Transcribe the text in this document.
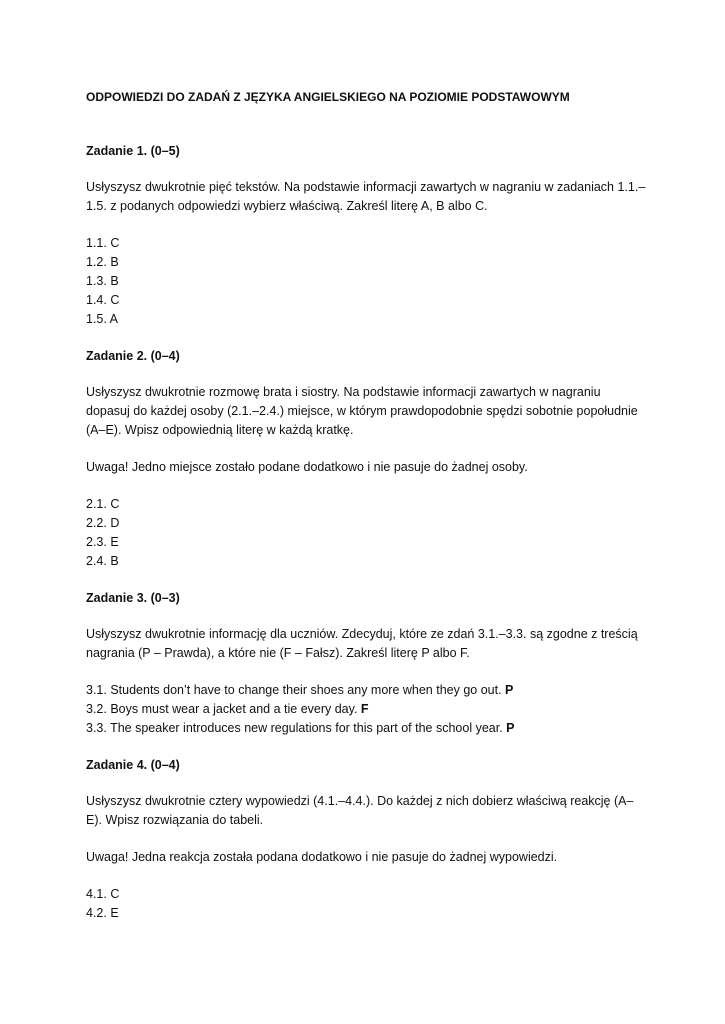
ODPOWIEDZI DO ZADAŃ Z JĘZYKA ANGIELSKIEGO NA POZIOMIE PODSTAWOWYM
Zadanie 1. (0–5)
Usłyszysz dwukrotnie pięć tekstów. Na podstawie informacji zawartych w nagraniu w zadaniach 1.1.– 1.5. z podanych odpowiedzi wybierz właściwą. Zakreśl literę A, B albo C.
1.1. C
1.2. B
1.3. B
1.4. C
1.5. A
Zadanie 2. (0–4)
Usłyszysz dwukrotnie rozmowę brata i siostry. Na podstawie informacji zawartych w nagraniu dopasuj do każdej osoby (2.1.–2.4.) miejsce, w którym prawdopodobnie spędzi sobotnie popołudnie (A–E). Wpisz odpowiednią literę w każdą kratkę.
Uwaga! Jedno miejsce zostało podane dodatkowo i nie pasuje do żadnej osoby.
2.1. C
2.2. D
2.3. E
2.4. B
Zadanie 3. (0–3)
Usłyszysz dwukrotnie informację dla uczniów. Zdecyduj, które ze zdań 3.1.–3.3. są zgodne z treścią nagrania (P – Prawda), a które nie (F – Fałsz). Zakreśl literę P albo F.
3.1. Students don’t have to change their shoes any more when they go out. P
3.2. Boys must wear a jacket and a tie every day. F
3.3. The speaker introduces new regulations for this part of the school year. P
Zadanie 4. (0–4)
Usłyszysz dwukrotnie cztery wypowiedzi (4.1.–4.4.). Do każdej z nich dobierz właściwą reakcję (A–E). Wpisz rozwiązania do tabeli.
Uwaga! Jedna reakcja została podana dodatkowo i nie pasuje do żadnej wypowiedzi.
4.1. C
4.2. E
